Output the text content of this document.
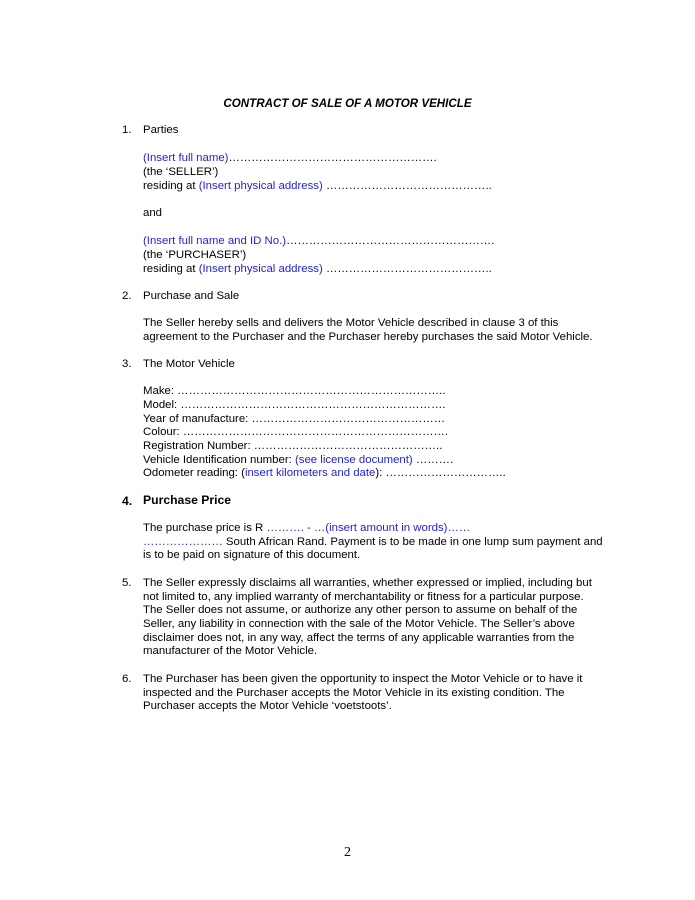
CONTRACT OF SALE OF A MOTOR VEHICLE
1. Parties
(Insert full name)……………………………………………….
(the ‘SELLER’)
residing at (Insert physical address) ……………………………………..
and
(Insert full name and ID No.)……………………………………………….
(the ‘PURCHASER’)
residing at (Insert physical address) ……………………………………..
2. Purchase and Sale
The Seller hereby sells and delivers the Motor Vehicle described in clause 3 of this
agreement to the Purchaser and the Purchaser hereby purchases the said Motor Vehicle.
3. The Motor Vehicle
Make: ……………………………………………………………..
Model: …………………………………………………………….
Year of manufacture: ……………………………………………
Colour: …………………………………………………………….
Registration Number: …………………………………………..
Vehicle Identification number: (see license document) ……….
Odometer reading: (insert kilometers and date): …………………………..
4. Purchase Price
The purchase price is R ………. - …(insert amount in words)……
………………… South African Rand. Payment is to be made in one lump sum payment and
is to be paid on signature of this document.
5. The Seller expressly disclaims all warranties, whether expressed or implied, including but
not limited to, any implied warranty of merchantability or fitness for a particular purpose.
The Seller does not assume, or authorize any other person to assume on behalf of the
Seller, any liability in connection with the sale of the Motor Vehicle. The Seller’s above
disclaimer does not, in any way, affect the terms of any applicable warranties from the
manufacturer of the Motor Vehicle.
6. The Purchaser has been given the opportunity to inspect the Motor Vehicle or to have it
inspected and the Purchaser accepts the Motor Vehicle in its existing condition. The
Purchaser accepts the Motor Vehicle ‘voetstoots’.
2
